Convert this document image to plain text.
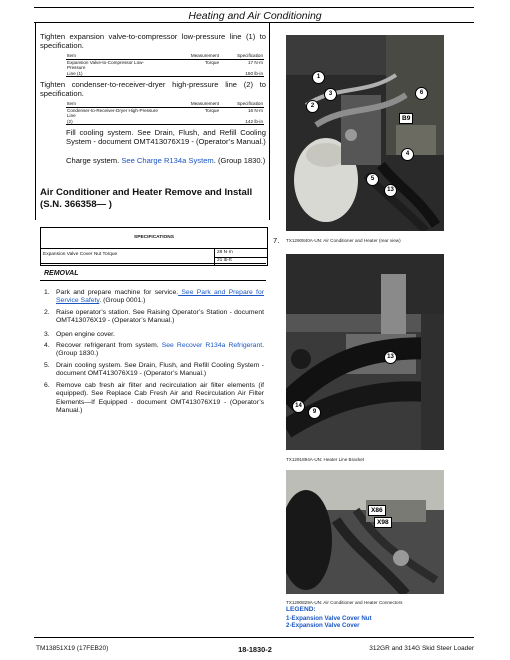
Heating and Air Conditioning
Tighten expansion valve-to-compressor low-pressure line (1) to specification.
Item	Measurement	Specification
Expansion Valve-to-Compressor Low-Pressure	Torque	17 N·m
Line (1)		150 lb-in
Tighten condenser-to-receiver-dryer high-pressure line (2) to specification.
Item	Measurement	Specification
Condenser-to-Receiver-Dryer High-Pressure Line	Torque	16 N·m
(2)		142 lb-in
Fill cooling system. See Drain, Flush, and Refill Cooling System - document OMT413076X19 - (Operator’s Manual.)
Charge system. See Charge R134a System. (Group 1830.)
Air Conditioner and Heater Remove and Install
(S.N. 366358— )
SPECIFICATIONS
Expansion Valve Cover Nut Torque	28 N·m
21 lb-ft
REMOVAL
1. Park and prepare machine for service. See Park and Prepare for Service Safety. (Group 0001.)
2. Raise operator’s station. See Raising Operator’s Station - document OMT413076X19 - (Operator’s Manual.)
3. Open engine cover.
4. Recover refrigerant from system. See Recover R134a Refrigerant. (Group 1830.)
5. Drain cooling system. See Drain, Flush, and Refill Cooling System - document OMT413076X19 - (Operator’s Manual.)
6. Remove cab fresh air filter and recirculation air filter elements (if equipped). See Replace Cab Fresh Air and Recirculation Air Filter Elements—If Equipped - document OMT413076X19 - (Operator’s Manual.)
7.
1
2
3
4
5
6
13
B9
TX1290840A-UN: Air Conditioner and Heater (rear view)
13
14
9
TX1291894A-UN: Heater Line Bracket
X86
X98
TX1290829A-UN: Air Conditioner and Heater Connectors
LEGEND:
1-Expansion Valve Cover Nut
2-Expansion Valve Cover
TM13851X19 (17FEB20)	18-1830-2	312GR and 314G Skid Steer Loader
